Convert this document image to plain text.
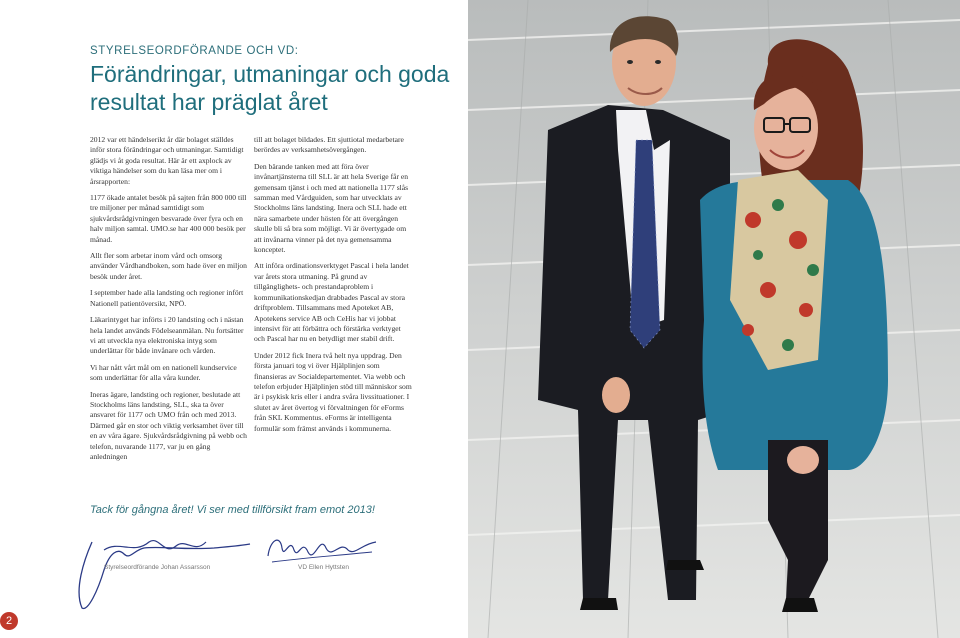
STYRELSEORDFÖRANDE OCH VD:
Förändringar, utmaningar och goda resultat har präglat året

2012 var ett händelserikt år där bolaget ställdes inför stora förändringar och utmaningar. Samtidigt glädjs vi åt goda resultat. Här är ett axplock av viktiga händelser som du kan läsa mer om i årsrapporten:

1177 ökade antalet besök på sajten från 800 000 till tre miljoner per månad samtidigt som sjukvårdsrådgivningen besvarade över fyra och en halv miljon samtal. UMO.se har 400 000 besök per månad.

Allt fler som arbetar inom vård och omsorg använder Vårdhandboken, som hade över en miljon besök under året.

I september hade alla landsting och regioner infört Nationell patientöversikt, NPÖ.

Läkarintyget har införts i 20 landsting och i nästan hela landet används Födelseanmälan. Nu fortsätter vi att utveckla nya elektroniska intyg som underlättar för både invånare och vården.

Vi har nått vårt mål om en nationell kundservice som underlättar för alla våra kunder.

Ineras ägare, landsting och regioner, beslutade att Stockholms läns landsting, SLL, ska ta över ansvaret för 1177 och UMO från och med 2013. Därmed går en stor och viktig verksamhet över till en av våra ägare. Sjukvårdsrådgivning på webb och telefon, nuvarande 1177, var ju en gång anledningen

till att bolaget bildades. Ett sjuttiotal medarbetare berördes av verksamhetsövergången.

Den bärande tanken med att föra över invånartjänsterna till SLL är att hela Sverige får en gemensam tjänst i och med att nationella 1177 slås samman med Vårdguiden, som har utvecklats av Stockholms läns landsting. Inera och SLL hade ett nära samarbete under hösten för att övergången skulle bli så bra som möjligt. Vi är övertygade om att invånarna vinner på det nya gemensamma konceptet.

Att införa ordinationsverktyget Pascal i hela landet var årets stora utmaning. På grund av tillgänglighets- och prestandaproblem i kommunikationskedjan drabbades Pascal av stora driftproblem. Tillsammans med Apoteket AB, Apotekens service AB och CeHis har vi jobbat intensivt för att förbättra och förstärka verktyget och Pascal har nu en betydligt mer stabil drift.

Under 2012 fick Inera två helt nya uppdrag. Den första januari tog vi över Hjälplinjen som finansieras av Socialdepartementet. Via webb och telefon erbjuder Hjälplinjen stöd till människor som är i psykisk kris eller i andra svåra livssituationer. I slutet av året övertog vi förvaltningen för eForms från SKL Kommentus. eForms är intelligenta formulär som främst används i kommunerna.

Tack för gångna året! Vi ser med tillförsikt fram emot 2013!
Styrelseordförande Johan Assarsson	VD Ellen Hyttsten
2
